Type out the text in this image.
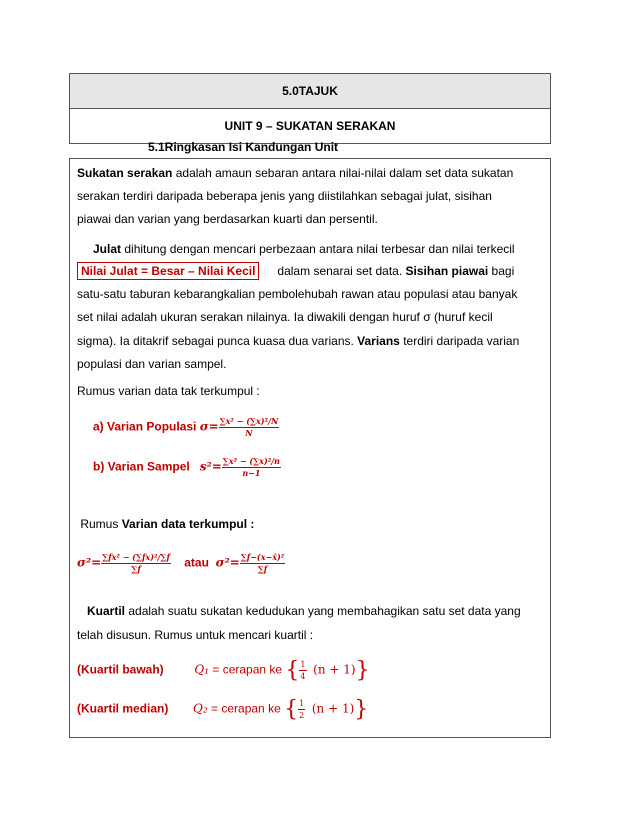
5.0TAJUK
UNIT 9 – SUKATAN SERAKAN
5.1Ringkasan Isi Kandungan Unit
Sukatan serakan adalah amaun sebaran antara nilai-nilai dalam set data sukatan
serakan terdiri daripada beberapa jenis yang diistilahkan sebagai julat, sisihan
piawai dan varian yang berdasarkan kuarti dan persentil.
Julat dihitung dengan mencari perbezaan antara nilai terbesar dan nilai terkecil
Nilai Julat = Besar – Nilai Kecil dalam senarai set data. Sisihan piawai bagi
satu-satu taburan kebarangkalian pembolehubah rawan atau populasi atau banyak
set nilai adalah ukuran serakan nilainya. Ia diwakili dengan huruf σ (huruf kecil
sigma). Ia ditakrif sebagai punca kuasa dua varians. Varians terdiri daripada varian
populasi dan varian sampel.
Rumus varian data tak terkumpul :
a) Varian Populasi $\sigma= \frac{\text{∑x² − (∑x)²/N}}{N}$
b) Varian Sampel $s^2= \frac{\text{∑x² − (∑x)²/n}}{n-1}$
Rumus Varian data terkumpul :
$\sigma^2= \frac{\text{∑fx² − (∑fx)²/∑f}}{\sum f}$ atau $\sigma^2= \frac{\text{∑f−(x−x̄)²}}{\sum f}$
Kuartil adalah suatu sukatan kedudukan yang membahagikan satu set data yang
telah disusun. Rumus untuk mencari kuartil :
(Kuartil bawah)	Q₁ = cerapan ke { $\frac{1}{4} (n + 1)$}
(Kuartil median) Q₂ = cerapan ke { $\frac{1}{2} (n + 1)$}
